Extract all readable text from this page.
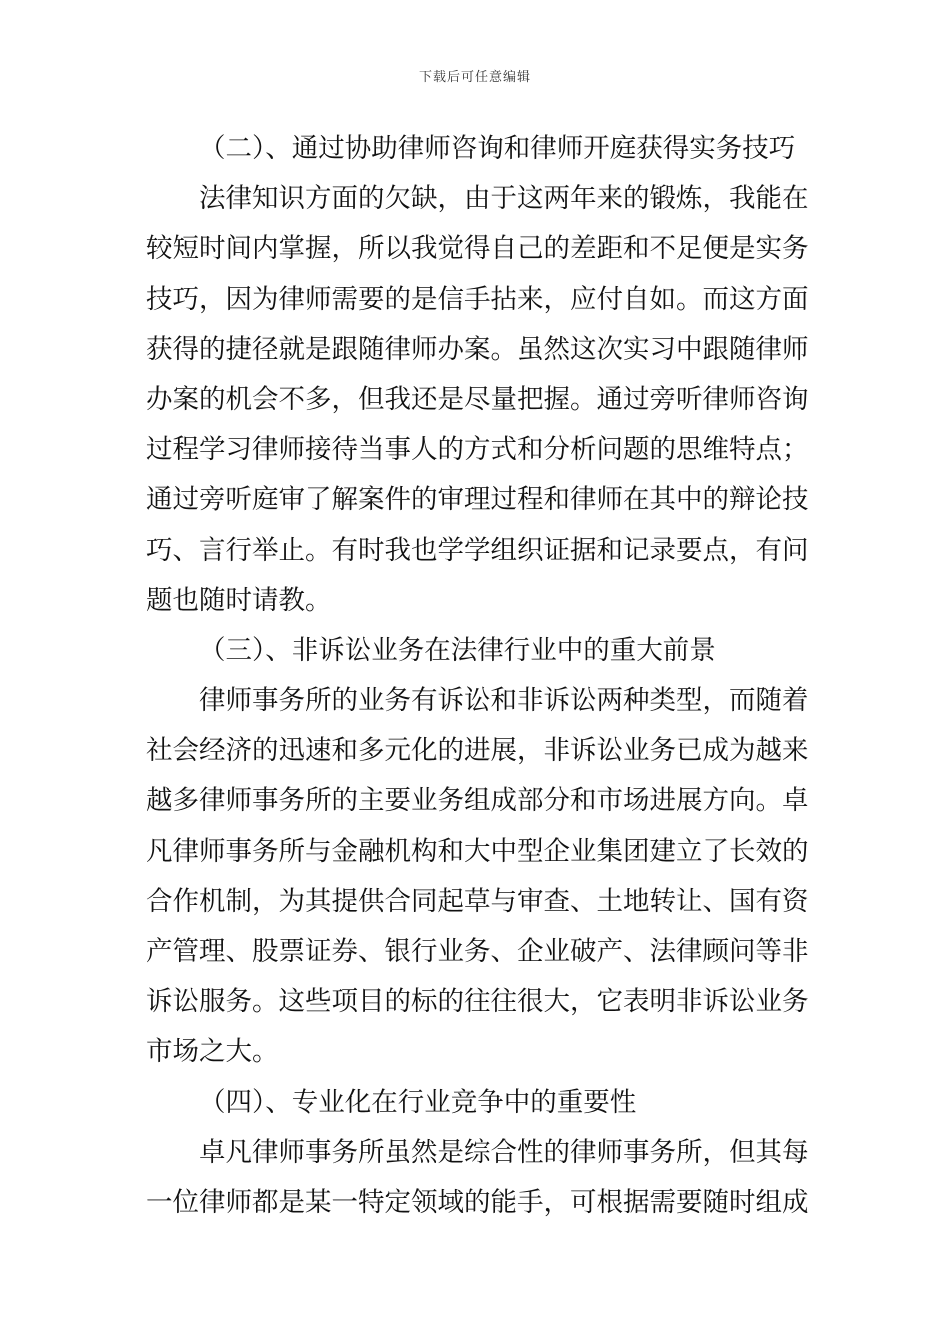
下载后可任意编辑
（二）、通过协助律师咨询和律师开庭获得实务技巧
法律知识方面的欠缺，由于这两年来的锻炼，我能在
较短时间内掌握，所以我觉得自己的差距和不足便是实务
技巧，因为律师需要的是信手拈来，应付自如。而这方面
获得的捷径就是跟随律师办案。虽然这次实习中跟随律师
办案的机会不多，但我还是尽量把握。通过旁听律师咨询
过程学习律师接待当事人的方式和分析问题的思维特点；
通过旁听庭审了解案件的审理过程和律师在其中的辩论技
巧、言行举止。有时我也学学组织证据和记录要点，有问
题也随时请教。
（三）、非诉讼业务在法律行业中的重大前景
律师事务所的业务有诉讼和非诉讼两种类型，而随着
社会经济的迅速和多元化的进展，非诉讼业务已成为越来
越多律师事务所的主要业务组成部分和市场进展方向。卓
凡律师事务所与金融机构和大中型企业集团建立了长效的
合作机制，为其提供合同起草与审查、土地转让、国有资
产管理、股票证券、银行业务、企业破产、法律顾问等非
诉讼服务。这些项目的标的往往很大，它表明非诉讼业务
市场之大。
（四）、专业化在行业竞争中的重要性
卓凡律师事务所虽然是综合性的律师事务所，但其每
一位律师都是某一特定领域的能手，可根据需要随时组成
